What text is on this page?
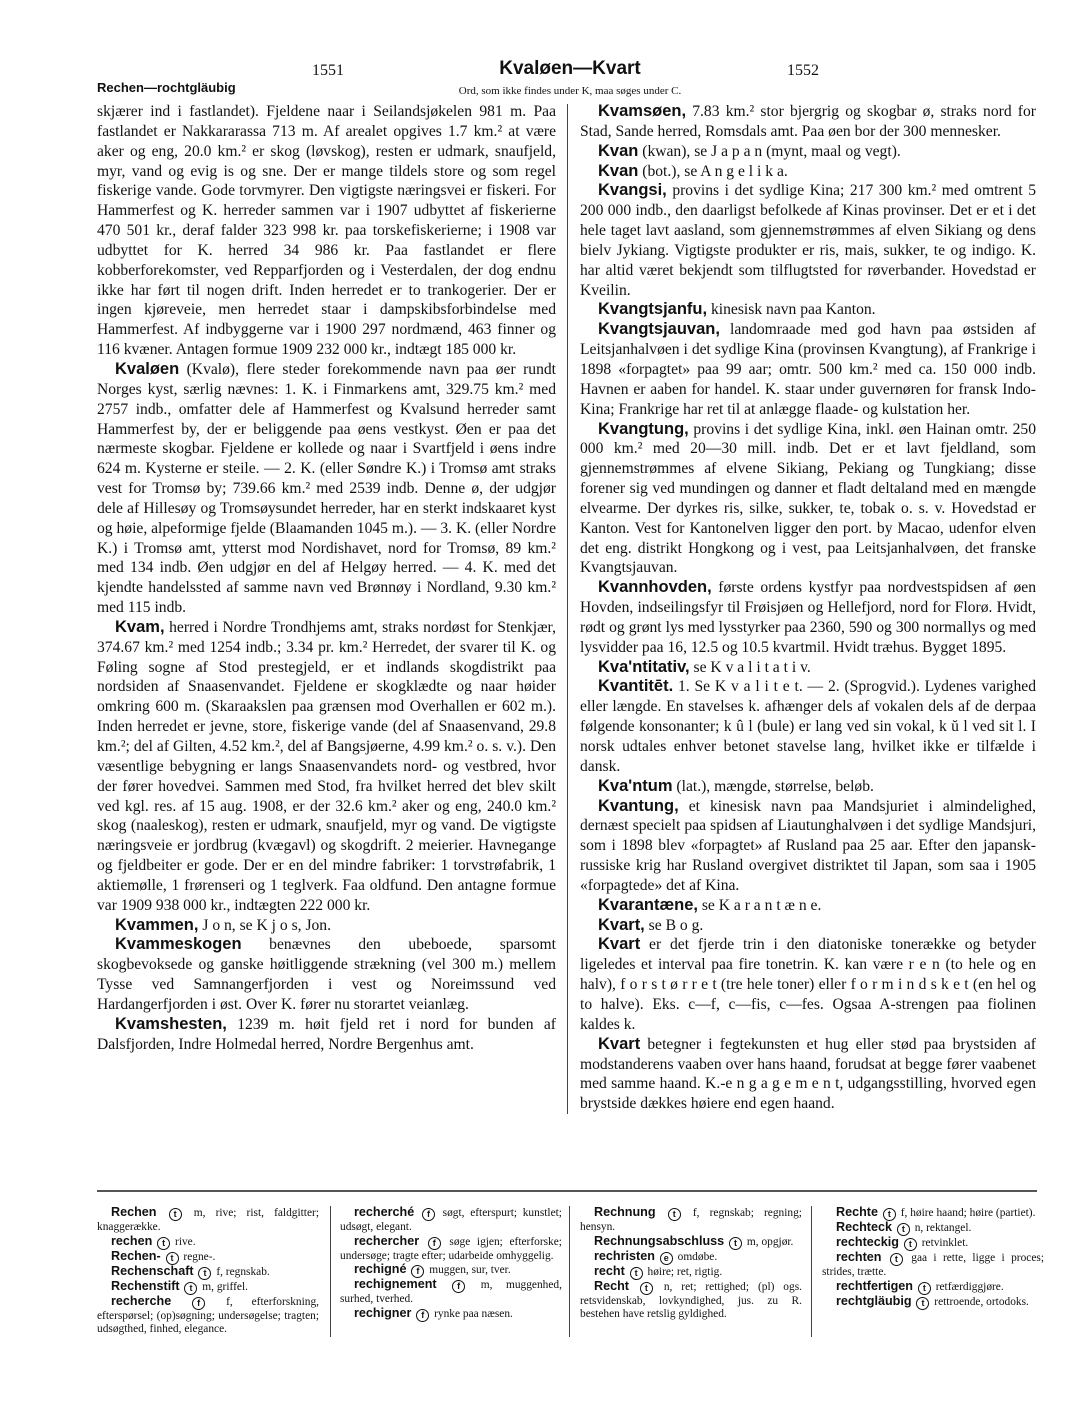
Rechen—rochtgläubig
1551	Kvaløen—Kvart	1552
Ord, som ikke findes under K, maa søges under C.

skjærer ind i fastlandet). Fjeldene naar i Seilandsjøkelen 981 m. Paa fastlandet er Nakkararassa 713 m. Af arealet opgives 1.7 km.² at være aker og eng, 20.0 km.² er skog (løvskog), resten er udmark, snaufjeld, myr, vand og evig is og sne. Der er mange tildels store og som regel fiskerige vande. Gode torvmyrer. Den vigtigste næringsvei er fiskeri. For Hammerfest og K. herreder sammen var i 1907 udbyttet af fiskerierne 470 501 kr., deraf falder 323 998 kr. paa torskefiskerierne; i 1908 var udbyttet for K. herred 34 986 kr. Paa fastlandet er flere kobberforekomster, ved Repparfjorden og i Vesterdalen, der dog endnu ikke har ført til nogen drift. Inden herredet er to trankogerier. Der er ingen kjøreveie, men herredet staar i dampskibsforbindelse med Hammerfest. Af indbyggerne var i 1900 297 nordmænd, 463 finner og 116 kvæner. Antagen formue 1909 232 000 kr., indtægt 185 000 kr.

Kvaløen (Kvalø), flere steder forekommende navn paa øer rundt Norges kyst, særlig nævnes: 1. K. i Finmarkens amt, 329.75 km.² med 2757 indb., omfatter dele af Hammerfest og Kvalsund herreder samt Hammerfest by, der er beliggende paa øens vestkyst. Øen er paa det nærmeste skogbar. Fjeldene er kollede og naar i Svartfjeld i øens indre 624 m. Kysterne er steile. — 2. K. (eller Søndre K.) i Tromsø amt straks vest for Tromsø by; 739.66 km.² med 2539 indb. Denne ø, der udgjør dele af Hillesøy og Tromsøysundet herreder, har en sterkt indskaaret kyst og høie, alpeformige fjelde (Blaamanden 1045 m.). — 3. K. (eller Nordre K.) i Tromsø amt, ytterst mod Nordishavet, nord for Tromsø, 89 km.² med 134 indb. Øen udgjør en del af Helgøy herred. — 4. K. med det kjendte handelssted af samme navn ved Brønnøy i Nordland, 9.30 km.² med 115 indb.

Kvam, herred i Nordre Trondhjems amt, straks nordøst for Stenkjær, 374.67 km.² med 1254 indb.; 3.34 pr. km.² Herredet, der svarer til K. og Føling sogne af Stod prestegjeld, er et indlands skogdistrikt paa nordsiden af Snaasenvandet. Fjeldene er skogklædte og naar høider omkring 600 m. (Skaraakslen paa grænsen mod Overhallen er 602 m.). Inden herredet er jevne, store, fiskerige vande (del af Snaasenvand, 29.8 km.²; del af Gilten, 4.52 km.², del af Bangsjøerne, 4.99 km.² o. s. v.). Den væsentlige bebygning er langs Snaasenvandets nord- og vestbred, hvor der fører hovedvei. Sammen med Stod, fra hvilket herred det blev skilt ved kgl. res. af 15 aug. 1908, er der 32.6 km.² aker og eng, 240.0 km.² skog (naaleskog), resten er udmark, snaufjeld, myr og vand. De vigtigste næringsveie er jordbrug (kvægavl) og skogdrift. 2 meierier. Havnegange og fjeldbeiter er gode. Der er en del mindre fabriker: 1 torvstrøfabrik, 1 aktiemølle, 1 frørenseri og 1 teglverk. Faa oldfund. Den antagne formue var 1909 938 000 kr., indtægten 222 000 kr.

Kvammen, J o n, se K j o s, Jon.

Kvammeskogen benævnes den ubeboede, sparsomt skogbevoksede og ganske høitliggende strækning (vel 300 m.) mellem Tysse ved Samnangerfjorden i vest og Noreimssund ved Hardangerfjorden i øst. Over K. fører nu storartet veianlæg.

Kvamshesten, 1239 m. høit fjeld ret i nord for bunden af Dalsfjorden, Indre Holmedal herred, Nordre Bergenhus amt.

Kvamsøen, 7.83 km.² stor bjergrig og skogbar ø, straks nord for Stad, Sande herred, Romsdals amt. Paa øen bor der 300 mennesker.

Kvan (kwan), se J a p a n (mynt, maal og vegt).

Kvan (bot.), se A n g e l i k a.

Kvangsi, provins i det sydlige Kina; 217 300 km.² med omtrent 5 200 000 indb., den daarligst befolkede af Kinas provinser. Det er et i det hele taget lavt aasland, som gjennemstrømmes af elven Sikiang og dens bielv Jykiang. Vigtigste produkter er ris, mais, sukker, te og indigo. K. har altid været bekjendt som tilflugtsted for røverbander. Hovedstad er Kveilin.

Kvangtsjanfu, kinesisk navn paa Kanton.

Kvangtsjauvan, landomraade med god havn paa østsiden af Leitsjanhalvøen i det sydlige Kina (provinsen Kvangtung), af Frankrige i 1898 «forpagtet» paa 99 aar; omtr. 500 km.² med ca. 150 000 indb. Havnen er aaben for handel. K. staar under guvernøren for fransk Indo-Kina; Frankrige har ret til at anlægge flaade- og kulstation her.

Kvangtung, provins i det sydlige Kina, inkl. øen Hainan omtr. 250 000 km.² med 20—30 mill. indb. Det er et lavt fjeldland, som gjennemstrømmes af elvene Sikiang, Pekiang og Tungkiang; disse forener sig ved mundingen og danner et fladt deltaland med en mængde elvearme. Der dyrkes ris, silke, sukker, te, tobak o. s. v. Hovedstad er Kanton. Vest for Kantonelven ligger den port. by Macao, udenfor elven det eng. distrikt Hongkong og i vest, paa Leitsjanhalvøen, det franske Kvangtsjauvan.

Kvannhovden, første ordens kystfyr paa nordvestspidsen af øen Hovden, indseilingsfyr til Frøisjøen og Hellefjord, nord for Florø. Hvidt, rødt og grønt lys med lysstyrker paa 2360, 590 og 300 normallys og med lysvidder paa 16, 12.5 og 10.5 kvartmil. Hvidt træhus. Bygget 1895.

Kva'ntitativ, se K v a l i t a t i v.

Kvantitēt. 1. Se K v a l i t e t. — 2. (Sprogvid.). Lydenes varighed eller længde. En stavelses k. afhænger dels af vokalen dels af de derpaa følgende konsonanter; k û l (bule) er lang ved sin vokal, k ŭ l ved sit l. I norsk udtales enhver betonet stavelse lang, hvilket ikke er tilfælde i dansk.

Kva'ntum (lat.), mængde, størrelse, beløb.

Kvantung, et kinesisk navn paa Mandsjuriet i almindelighed, dernæst specielt paa spidsen af Liautunghalvøen i det sydlige Mandsjuri, som i 1898 blev «forpagtet» af Rusland paa 25 aar. Efter den japansk-russiske krig har Rusland overgivet distriktet til Japan, som saa i 1905 «forpagtede» det af Kina.

Kvarantæne, se K a r a n t æ n e.

Kvart, se B o g.

Kvart er det fjerde trin i den diatoniske tonerække og betyder ligeledes et interval paa fire tonetrin. K. kan være r e n (to hele og en halv), f o r s t ø r r e t (tre hele toner) eller f o r m i n d s k e t (en hel og to halve). Eks. c—f, c—fis, c—fes. Ogsaa A-strengen paa fiolinen kaldes k.

Kvart betegner i fegtekunsten et hug eller stød paa brystsiden af modstanderens vaaben over hans haand, forudsat at begge fører vaabenet med samme haand. K.-e n g a g e m e n t, udgangsstilling, hvorved egen brystside dækkes høiere end egen haand.

Rechen t m, rive; rist, faldgitter; knaggerække.

rechen t rive.

Rechen- t regne-.

Rechenschaft t f, regnskab.

Rechenstift t m, griffel.

recherche	f f, efterforskning, efterspørsel; (op)søgning; undersøgelse; tragten; udsøgthed, finhed, elegance.

recherché f søgt, efterspurt; kunstlet; udsøgt, elegant.

rechercher f søge igjen; efterforske; undersøge; tragte efter; udarbeide omhyggelig.

rechigné f muggen, sur, tver.

rechignement f m, muggenhed, surhed, tverhed.

rechigner f rynke paa næsen.

Rechnung t f, regnskab; regning; hensyn.

Rechnungsabschluss t m, opgjør.

rechristen e omdøbe.

recht t høire; ret, rigtig.

Recht t n, ret; rettighed; (pl) ogs. retsvidenskab, lovkyndighed, jus. zu R. bestehen have retslig gyldighed.

Rechte t f, høire haand; høire (partiet).

Rechteck t n, rektangel.

rechteckig t retvinklet.

rechten t gaa i rette, ligge i proces; strides, trætte.

rechtfertigen t retfærdiggjøre.

rechtgläubig t rettroende, ortodoks.
